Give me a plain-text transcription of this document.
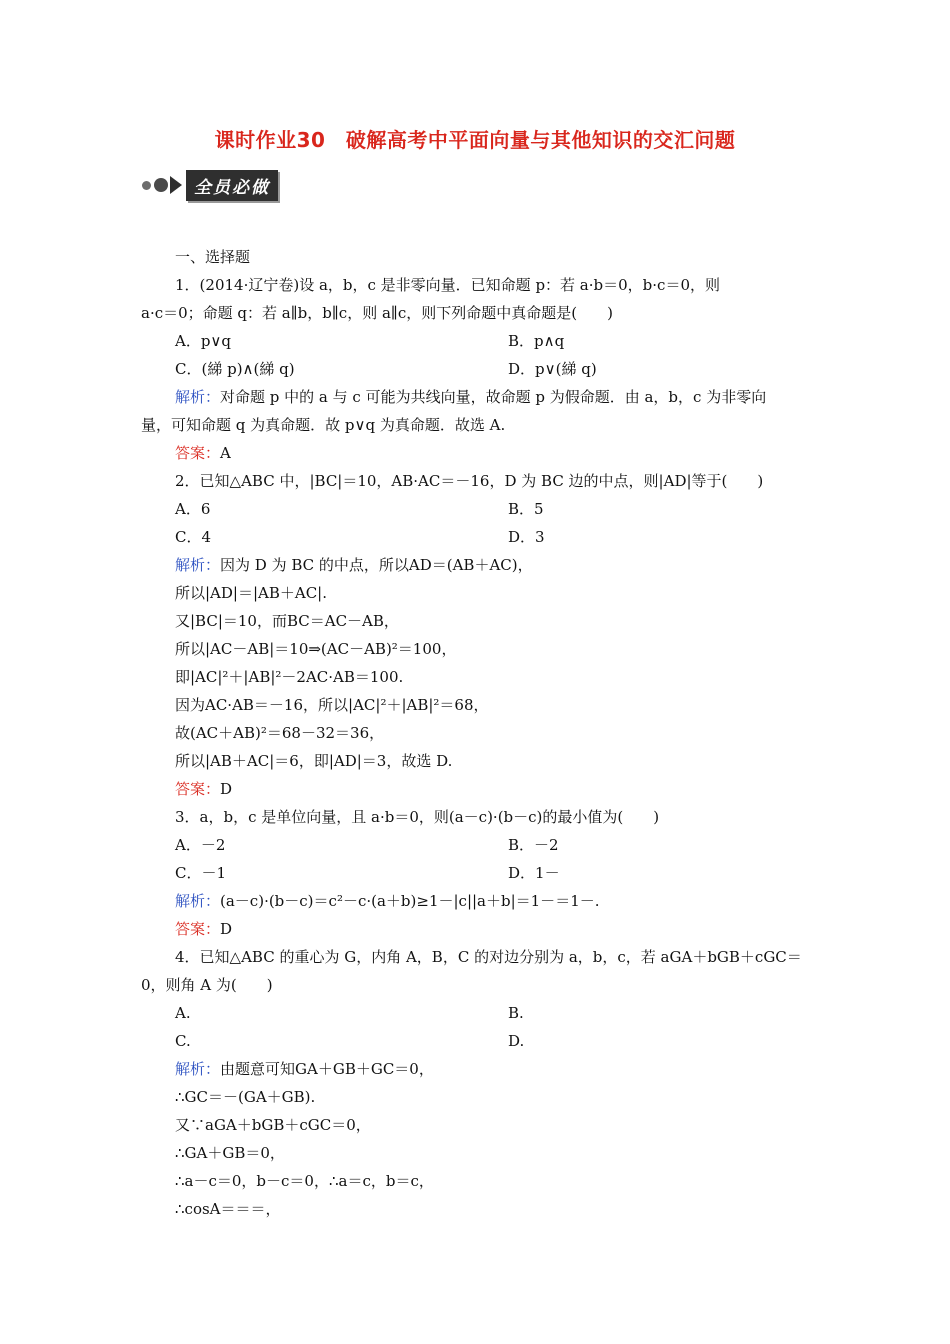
课时作业30　破解高考中平面向量与其他知识的交汇问题
全员必做
一、选择题
1．(2014·辽宁卷)设 a，b，c 是非零向量．已知命题 p：若 a·b＝0，b·c＝0，则
a·c＝0；命题 q：若 a∥b，b∥c，则 a∥c，则下列命题中真命题是(　　)
A．p∨q	B．p∧q
C．(綈 p)∧(綈 q)	D．p∨(綈 q)
解析：对命题 p 中的 a 与 c 可能为共线向量，故命题 p 为假命题．由 a，b，c 为非零向
量，可知命题 q 为真命题．故 p∨q 为真命题．故选 A.
答案：A
2．已知△ABC 中，|BC|＝10，AB·AC＝－16，D 为 BC 边的中点，则|AD|等于(　　)
A．6	B．5
C．4	D．3
解析：因为 D 为 BC 的中点，所以AD＝(AB＋AC)，
所以|AD|＝|AB＋AC|.
又|BC|＝10，而BC＝AC－AB，
所以|AC－AB|＝10⇒(AC－AB)²＝100，
即|AC|²＋|AB|²－2AC·AB＝100.
因为AC·AB＝－16，所以|AC|²＋|AB|²＝68，
故(AC＋AB)²＝68－32＝36，
所以|AB＋AC|＝6，即|AD|＝3，故选 D.
答案：D
3．a，b，c 是单位向量，且 a·b＝0，则(a－c)·(b－c)的最小值为(　　)
A．－2	B．－2
C．－1	D．1－
解析：(a－c)·(b－c)＝c²－c·(a＋b)≥1－|c||a＋b|＝1－＝1－.
答案：D
4．已知△ABC 的重心为 G，内角 A，B，C 的对边分别为 a，b，c，若 aGA＋bGB＋cGC＝
0，则角 A 为(　　)
A.	B.
C.	D.
解析：由题意可知GA＋GB＋GC＝0，
∴GC＝－(GA＋GB).
又∵aGA＋bGB＋cGC＝0，
∴GA＋GB＝0，
∴a－c＝0，b－c＝0，∴a＝c，b＝c，
∴cosA＝＝＝，
